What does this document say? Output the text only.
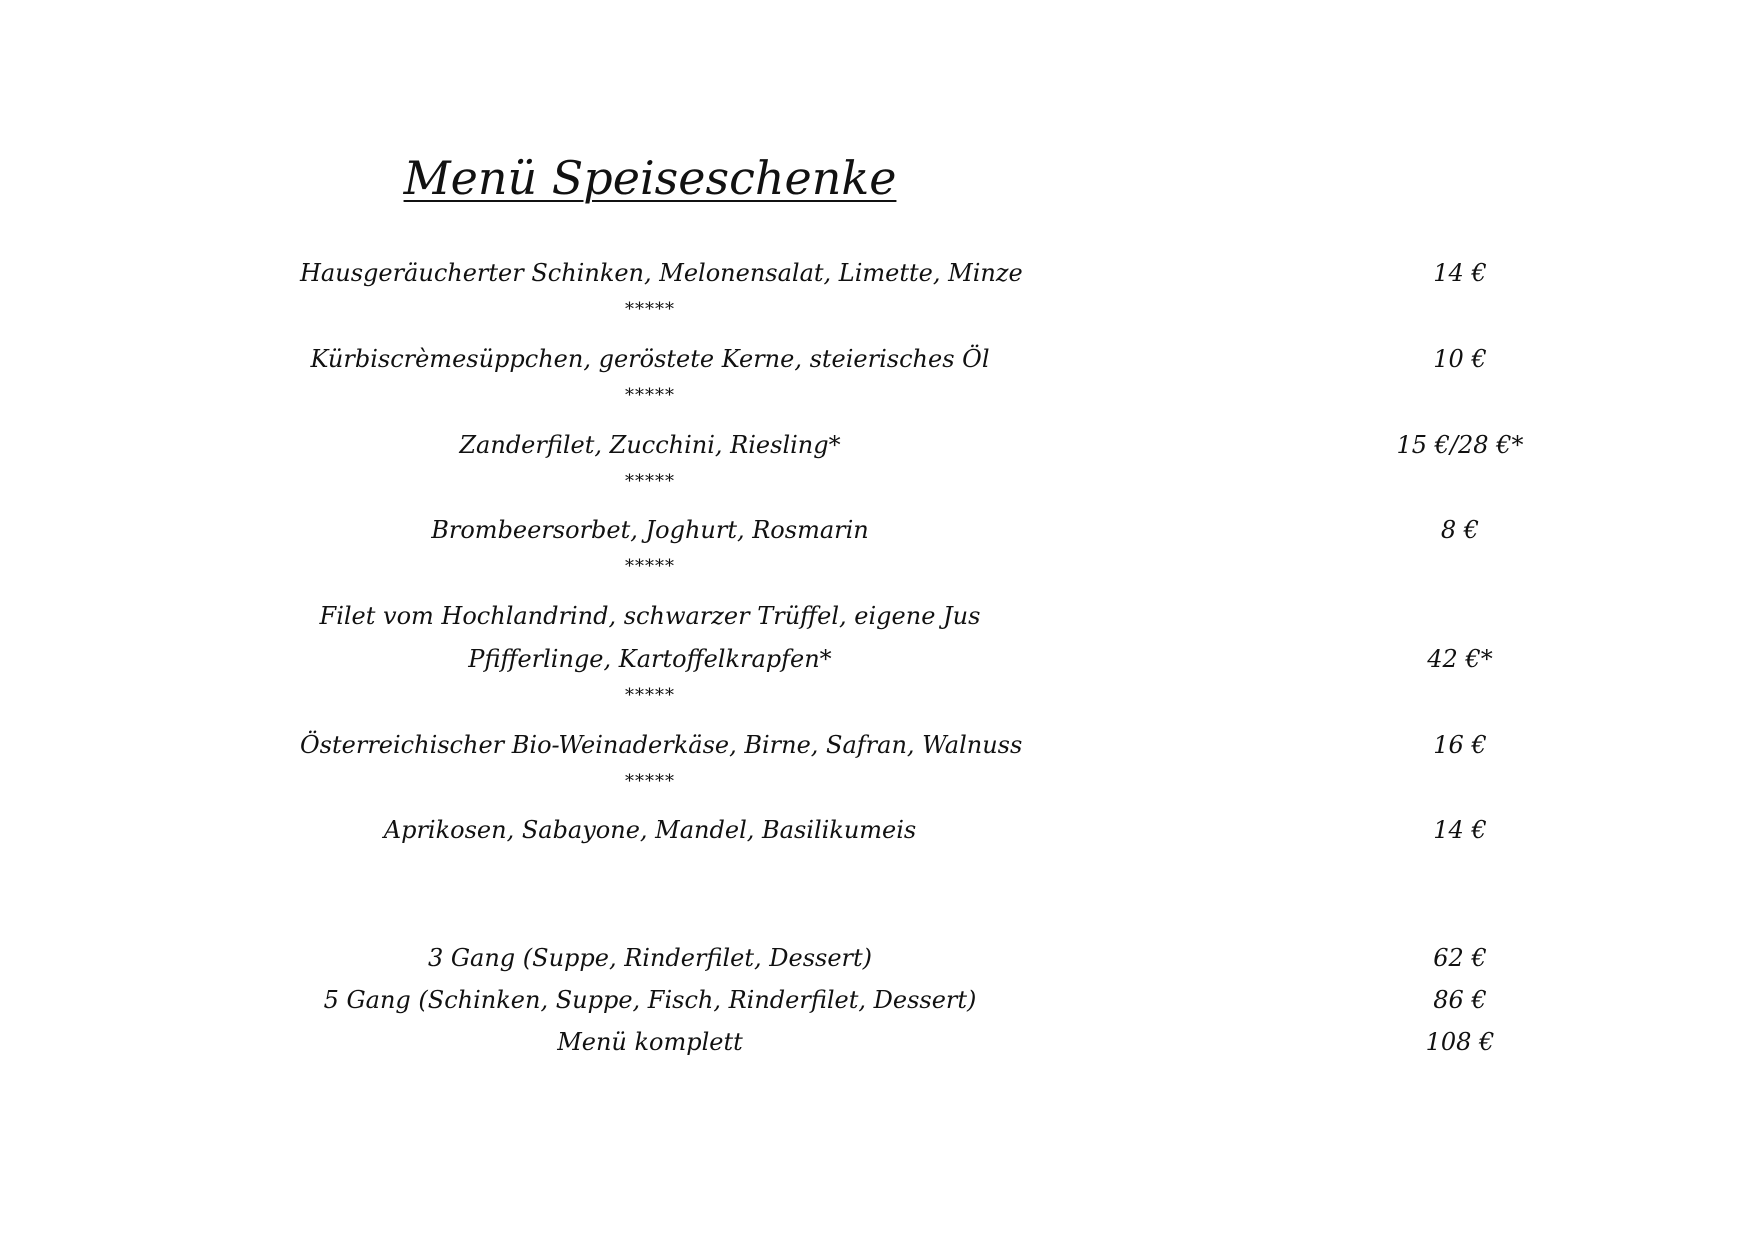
Menü Speiseschenke
Hausgeräucherter Schinken, Melonensalat, Limette, Minze	14 €
*****
Kürbiscrèmesüppchen, geröstete Kerne, steierisches Öl	10 €
*****
Zanderfilet, Zucchini, Riesling*	15 €/28 €*
*****
Brombeersorbet, Joghurt, Rosmarin	8 €
*****
Filet vom Hochlandrind, schwarzer Trüffel, eigene Jus
Pfifferlinge, Kartoffelkrapfen*	42 €*
*****
Österreichischer Bio-Weinaderkäse, Birne, Safran, Walnuss	16 €
*****
Aprikosen, Sabayone, Mandel, Basilikumeis	14 €
3 Gang (Suppe, Rinderfilet, Dessert)	62 €
5 Gang (Schinken, Suppe, Fisch, Rinderfilet, Dessert)	86 €
Menü komplett	108 €
